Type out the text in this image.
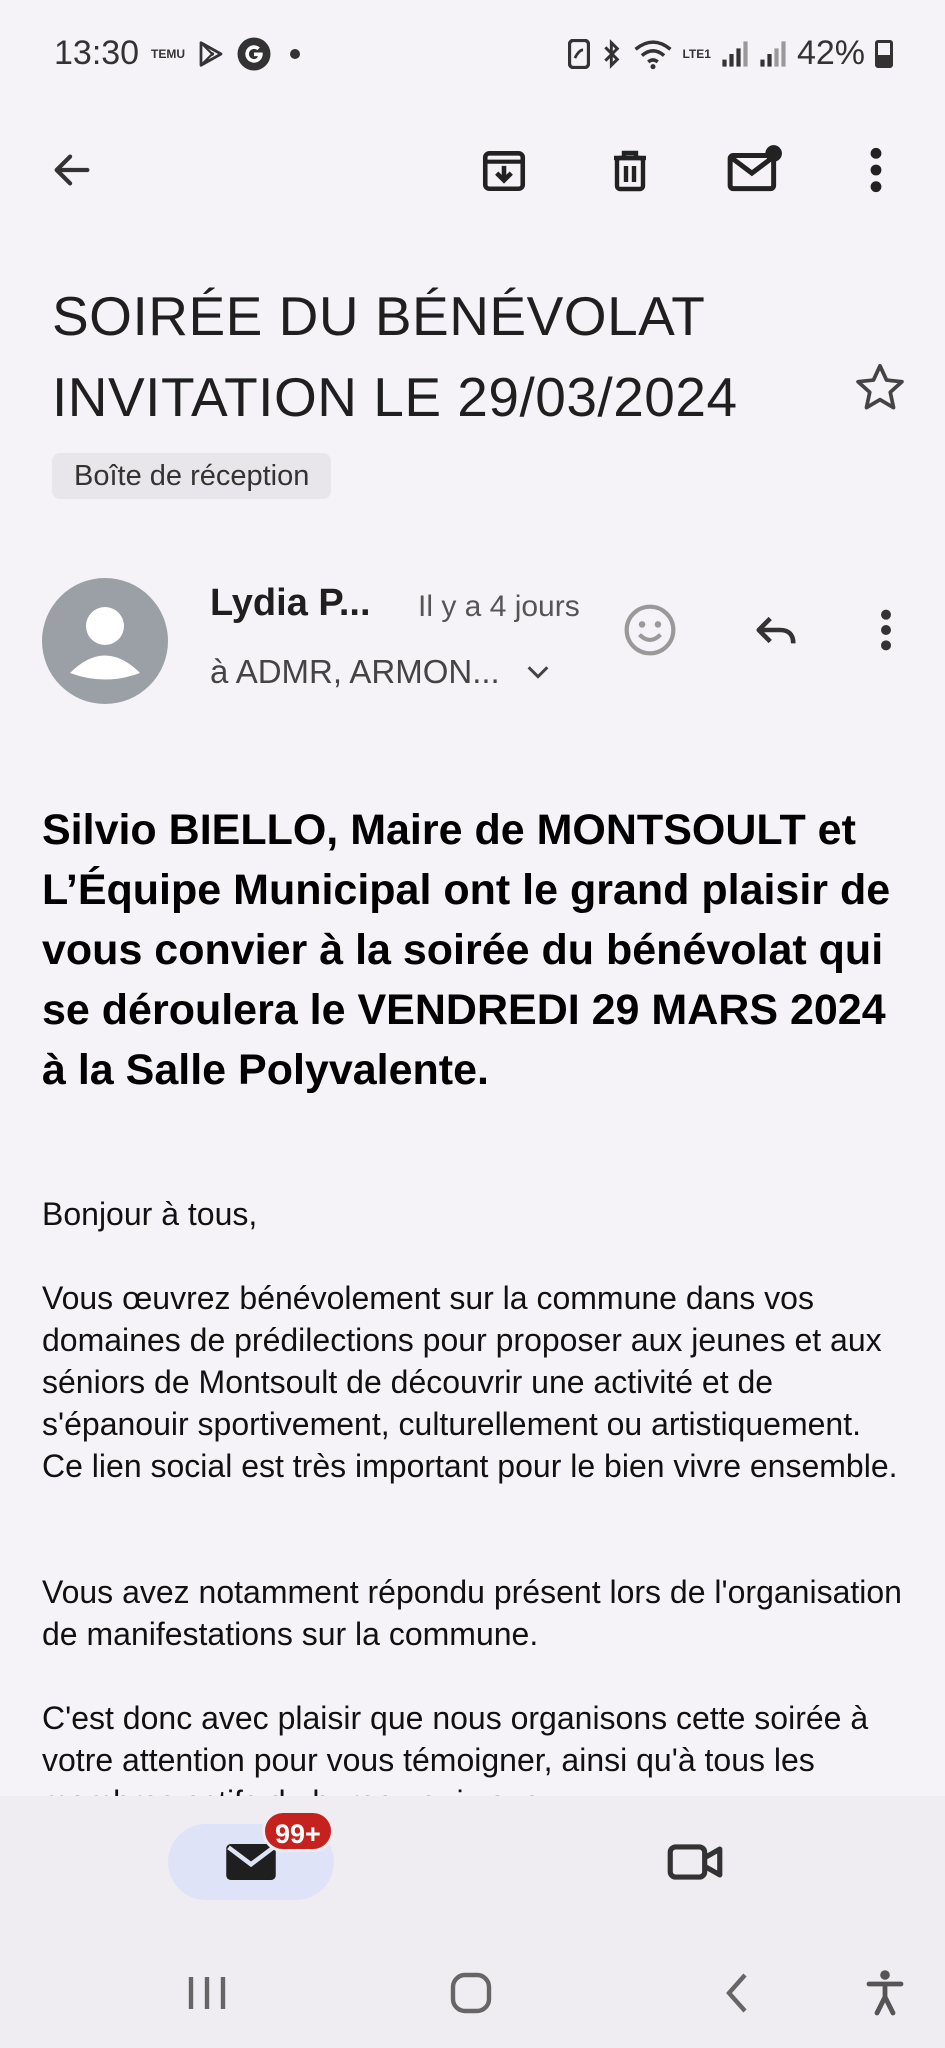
13:30 TEMU	LTE1	42%
SOIRÉE DU BÉNÉVOLAT INVITATION LE 29/03/2024
Boîte de réception
Lydia P... Il y a 4 jours
à ADMR, ARMON...
Silvio BIELLO, Maire de MONTSOULT et L’Équipe Municipal ont le grand plaisir de vous convier à la soirée du bénévolat qui se déroulera le VENDREDI 29 MARS 2024 à la Salle Polyvalente.
Bonjour à tous,
Vous œuvrez bénévolement sur la commune dans vos domaines de prédilections pour proposer aux jeunes et aux séniors de Montsoult de découvrir une activité et de s'épanouir sportivement, culturellement ou artistiquement. Ce lien social est très important pour le bien vivre ensemble.
Vous avez notamment répondu présent lors de l'organisation de manifestations sur la commune.
C'est donc avec plaisir que nous organisons cette soirée à votre attention pour vous témoigner, ainsi qu'à tous les
99+
